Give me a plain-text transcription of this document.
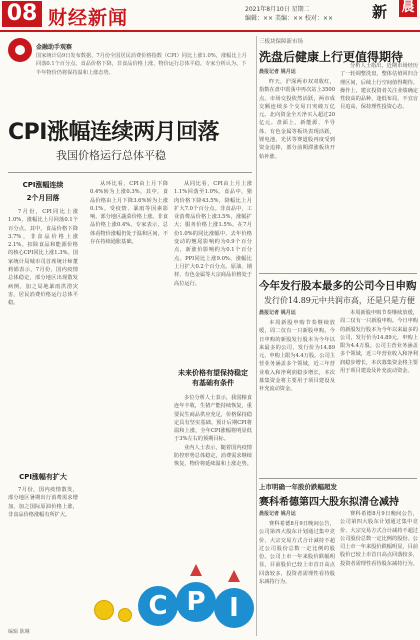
08 财经新闻	2021年8月10日 星期二
编辑：×× 美编：×× 校对：××	新 晨
金融助手观察
国家统计局9日发布数据，7月份全国居民消费价格指数（CPI）同比上涨1.0%，涨幅比上月回落0.1个百分点。食品价格下降，非食品价格上涨，物价运行总体平稳。专家分析认为，下半年物价仍将保持温和上涨态势。
CPI涨幅连续两月回落
我国价格运行总体平稳
CPI涨幅连续
2个月回落

7月份，CPI同比上涨1.0%，涨幅比上月回落0.1个百分点。其中，食品价格下降3.7%，非食品价格上涨2.1%。扣除食品和能源价格的核心CPI同比上涨1.3%。国家统计局城市司首席统计师董莉娟表示，7月份，国内疫情总体稳定，部分地区出现散发病例，加之局地暴雨洪涝灾害，居民消费价格运行总体平稳。

CPI涨幅有扩大

7月份，国内疫情散发，部分地区暑期出行消费需求增加，加之国际原油价格上涨，非食品价格涨幅有所扩大。

从环比看，CPI由上月下降0.4%转为上涨0.3%。其中，食品价格由上月下降3.6%转为上涨0.1%。受疫情、暴雨等因素影响，部分地区蔬菜价格上涨。非食品价格上涨0.4%。专家表示，总体看物价涨幅仍处于温和区间，不存在持续通胀基础。

从同比看，CPI由上月上涨1.1%回落至1.0%。食品中，猪肉价格下降43.5%，降幅比上月扩大7.0个百分点。非食品中，工业消费品价格上涨3.5%，涨幅扩大；服务价格上涨1.5%。在7月份1.0%的同比涨幅中，去年价格变动的翘尾影响约为0.9个百分点，新涨价影响约为0.1个百分点。PPI同比上涨9.0%，涨幅比上月扩大0.2个百分点。原油、钢材、有色金属等大宗商品价格处于高位运行。

未来价格有望保持稳定
有基础有条件

多位分析人士表示，我国粮食连年丰收，生猪产能持续恢复，重要民生商品供应充足，价格保持稳定具有坚实基础。预计后期CPI将温和上涨，全年CPI涨幅将明显低于3%左右的预期目标。

业内人士表示，随着国内疫情防控形势总体稳定，消费需求继续恢复，物价将延续温和上涨走势。

C P I
编辑 陈琳
三板块保障新市场
洗盘后健康上行更值得期待
晨报记者 姚月运

昨天，沪深两市双双收红，指数在盘中震荡中再次站上3500点。市场交投依然活跃，两市成交额连续多个交易日突破万亿元。北向资金全天净买入超过20亿元。盘面上，新能源、半导体、有色金属等板块表现活跃，锂电池、光伏等赛道股再度受到资金追捧，部分前期滞涨板块开始补涨。

分析人士指出，近期市场经历了一轮调整洗盘，整体估值回归合理区间，后续上行空间值得期待。操作上，建议投资者关注业绩确定性较高的品种，逢低布局，不宜盲目追高，保持理性投资心态。

今年发行股本最多的公司今日申购
发行价14.89元中共润市高，还是只是方便
晨报记者 姚月运

本周新股申购节奏继续放缓，周二仅有一只新股申购。今日申购的新股发行股本为今年以来最多的公司，发行价为14.89元，申购上限为4.4万股。公司主营业务涵盖多个领域，近三年营业收入和净利润稳步增长，本次募集资金将主要用于项目建设及补充流动资金。

本周新股申购节奏继续放缓，周二仅有一只新股申购。今日申购的新股发行股本为今年以来最多的公司，发行价为14.89元，申购上限为4.4万股。公司主营业务涵盖多个领域，近三年营业收入和净利润稳步增长，本次募集资金将主要用于项目建设及补充流动资金。

上市明确一年股价跌幅超发
赛科希德第四大股东拟清仓减持
晨报记者 姚月运

赛科希德8月9日晚间公告，公司第四大股东计划通过集中竞价、大宗交易方式合计减持不超过公司股份总数一定比例的股份。公司上市一年来股价跌幅明显，目前股价已较上市首日高点回落较多，投资者需理性看待股东减持行为。

赛科希德8月9日晚间公告，公司第四大股东计划通过集中竞价、大宗交易方式合计减持不超过公司股份总数一定比例的股份。公司上市一年来股价跌幅明显，目前股价已较上市首日高点回落较多，投资者需理性看待股东减持行为。
